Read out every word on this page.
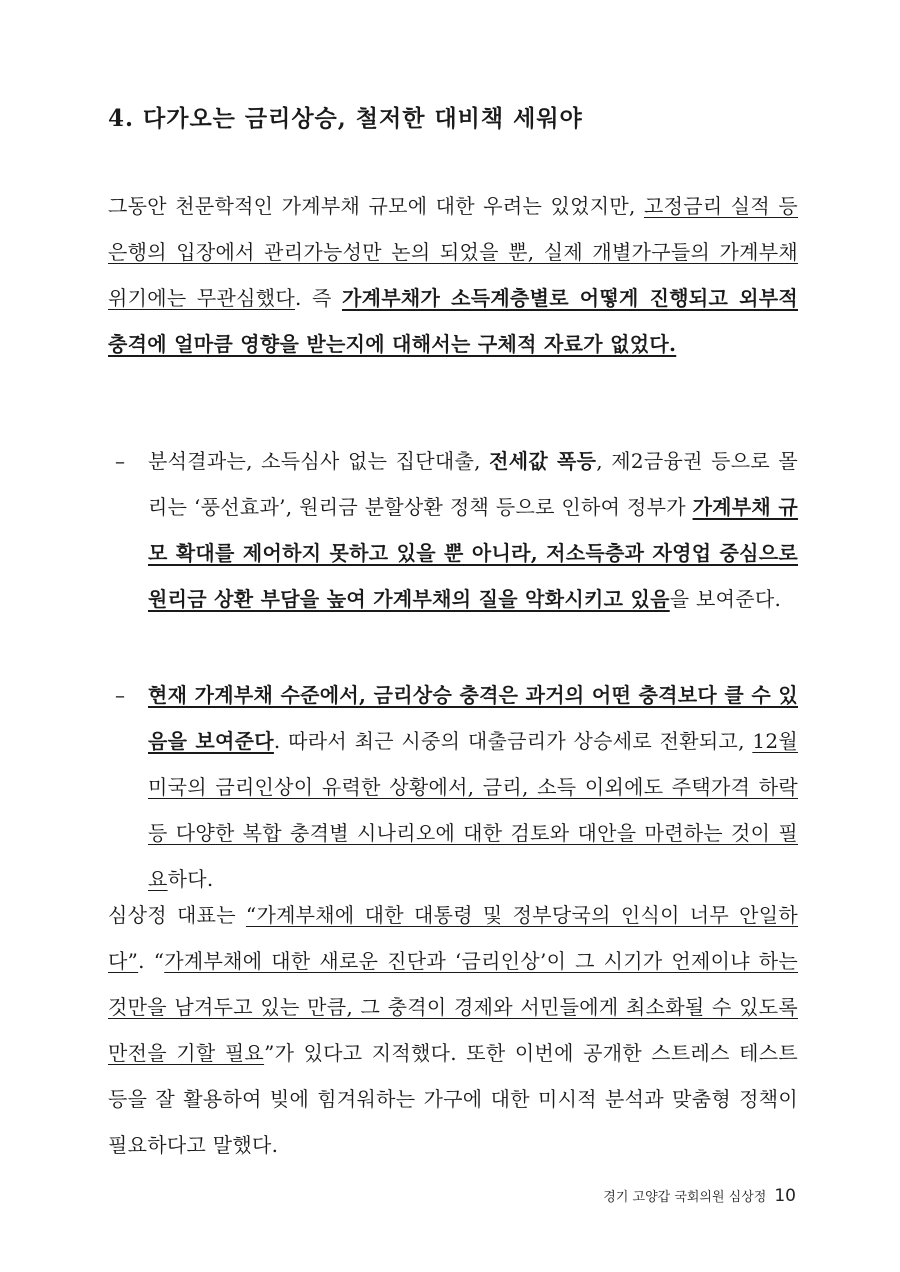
4. 다가오는 금리상승, 철저한 대비책 세워야

그동안 천문학적인 가계부채 규모에 대한 우려는 있었지만, 고정금리 실적 등 은행의 입장에서 관리가능성만 논의 되었을 뿐, 실제 개별가구들의 가계부채 위기에는 무관심했다. 즉 가계부채가 소득계층별로 어떻게 진행되고 외부적 충격에 얼마큼 영향을 받는지에 대해서는 구체적 자료가 없었다.

– 분석결과는, 소득심사 없는 집단대출, 전세값 폭등, 제2금융권 등으로 몰리는 ‘풍선효과’, 원리금 분할상환 정책 등으로 인하여 정부가 가계부채 규모 확대를 제어하지 못하고 있을 뿐 아니라, 저소득층과 자영업 중심으로 원리금 상환 부담을 높여 가계부채의 질을 악화시키고 있음을 보여준다.
– 현재 가계부채 수준에서, 금리상승 충격은 과거의 어떤 충격보다 클 수 있음을 보여준다. 따라서 최근 시중의 대출금리가 상승세로 전환되고, 12월 미국의 금리인상이 유력한 상황에서, 금리, 소득 이외에도 주택가격 하락 등 다양한 복합 충격별 시나리오에 대한 검토와 대안을 마련하는 것이 필요하다.

심상정 대표는 “가계부채에 대한 대통령 및 정부당국의 인식이 너무 안일하다”. “가계부채에 대한 새로운 진단과 ‘금리인상’이 그 시기가 언제이냐 하는 것만을 남겨두고 있는 만큼, 그 충격이 경제와 서민들에게 최소화될 수 있도록 만전을 기할 필요”가 있다고 지적했다. 또한 이번에 공개한 스트레스 테스트 등을 잘 활용하여 빚에 힘겨워하는 가구에 대한 미시적 분석과 맞춤형 정책이 필요하다고 말했다.

경기 고양갑 국회의원 심상정 10
